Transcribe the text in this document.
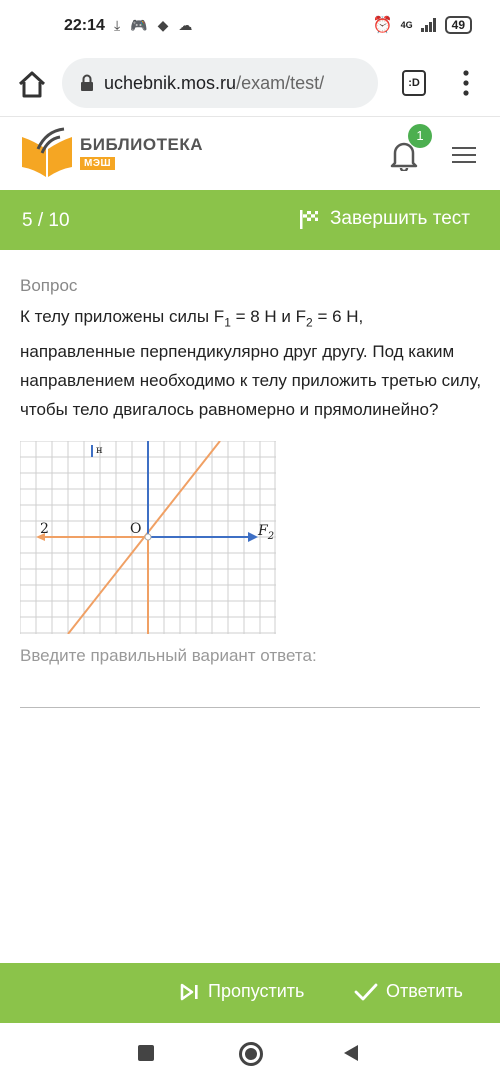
22:14 ⤓ 🎮 ◆ ☁	⏰ 4G	49
uchebnik.mos.ru/exam/test/	:D
БИБЛИОТЕКА
МЭШ
1
5 / 10	Завершить тест
Вопрос
К телу приложены силы $F_1 = 8$ Н и $F_2 = 6$ Н, направленные перпендикулярно друг другу. Под каким направлением необходимо к телу приложить третью силу, чтобы тело двигалось равномерно и прямолинейно?
2	O	$F_2$
н
Введите правильный вариант ответа:
Пропустить	Ответить
